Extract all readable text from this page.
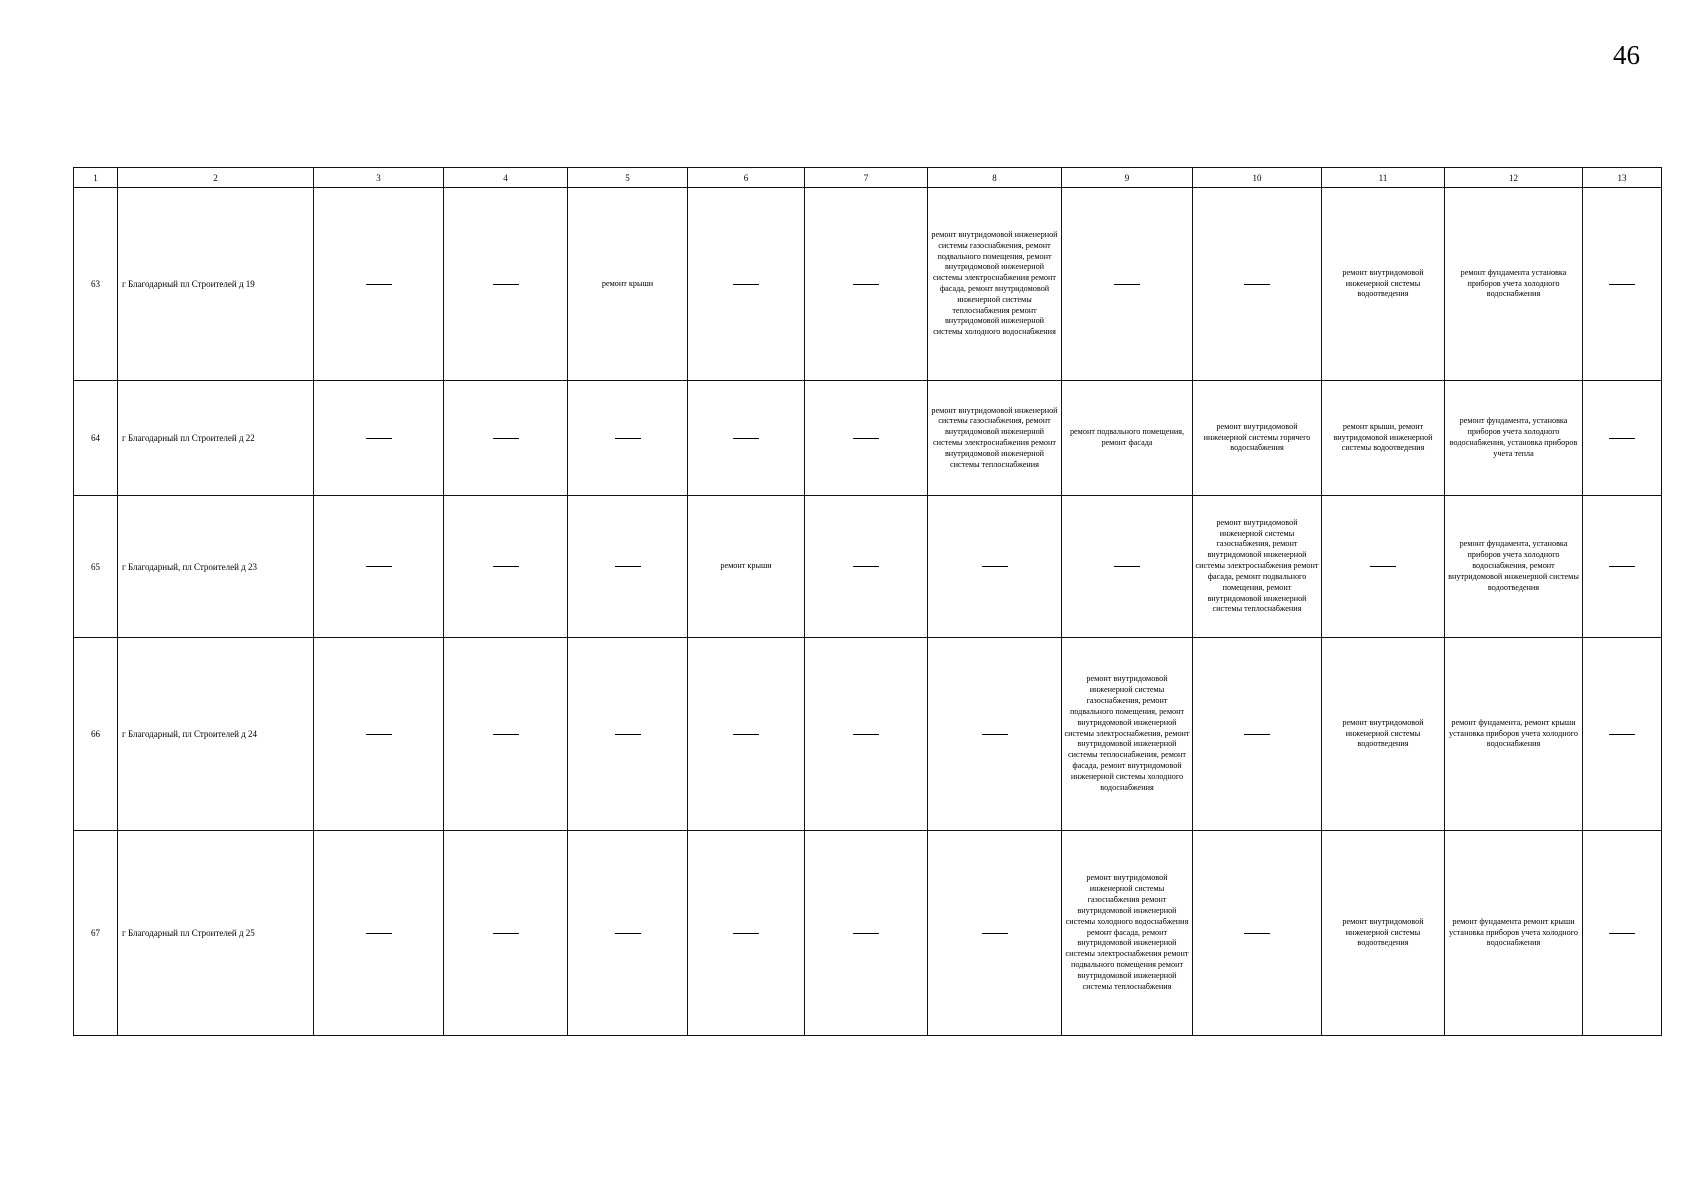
46
1	2	3	4	5	6	7	8	9	10	11	12	13
63	г Благодарный пл Строителей д 19			ремонт крыши			ремонт внутридомовой инженерной системы газоснабжения, ремонт подвального помещения, ремонт внутридомовой инженерной системы электроснабжения ремонт фасада, ремонт внутридомовой инженерной системы теплоснабжения ремонт внутридомовой инженерной системы холодного водоснабжения			ремонт внутридомовой инженерной системы водоотведения	ремонт фундамента установка приборов учета холодного водоснабжения	
64	г Благодарный пл Строителей д 22						ремонт внутридомовой инженерной системы газоснабжения, ремонт внутридомовой инженерной системы электроснабжения ремонт внутридомовой инженерной системы теплоснабжения	ремонт подвального помещения, ремонт фасада	ремонт внутридомовой инженерной системы горячего водоснабжения	ремонт крыши, ремонт внутридомовой инженерной системы водоотведения	ремонт фундамента, установка приборов учета холодного водоснабжения, установка приборов учета тепла	
65	г Благодарный, пл Строителей д 23				ремонт крыши				ремонт внутридомовой инженерной системы газоснабжения, ремонт внутридомовой инженерной системы электроснабжения ремонт фасада, ремонт подвального помещения, ремонт внутридомовой инженерной системы теплоснабжения		ремонт фундамента, установка приборов учета холодного водоснабжения, ремонт внутридомовой инженерной системы водоотведения	
66	г Благодарный, пл Строителей д 24							ремонт внутридомовой инженерной системы газоснабжения, ремонт подвального помещения, ремонт внутридомовой инженерной системы электроснабжения, ремонт внутридомовой инженерной системы теплоснабжения, ремонт фасада, ремонт внутридомовой инженерной системы холодного водоснабжения		ремонт внутридомовой инженерной системы водоотведения	ремонт фундамента, ремонт крыши установка приборов учета холодного водоснабжения	
67	г Благодарный пл Строителей д 25							ремонт внутридомовой инженерной системы газоснабжения ремонт внутридомовой инженерной системы холодного водоснабжения ремонт фасада, ремонт внутридомовой инженерной системы электроснабжения ремонт подвального помещения ремонт внутридомовой инженерной системы теплоснабжения		ремонт внутридомовой инженерной системы водоотведения	ремонт фундамента ремонт крыши установка приборов учета холодного водоснабжения	
